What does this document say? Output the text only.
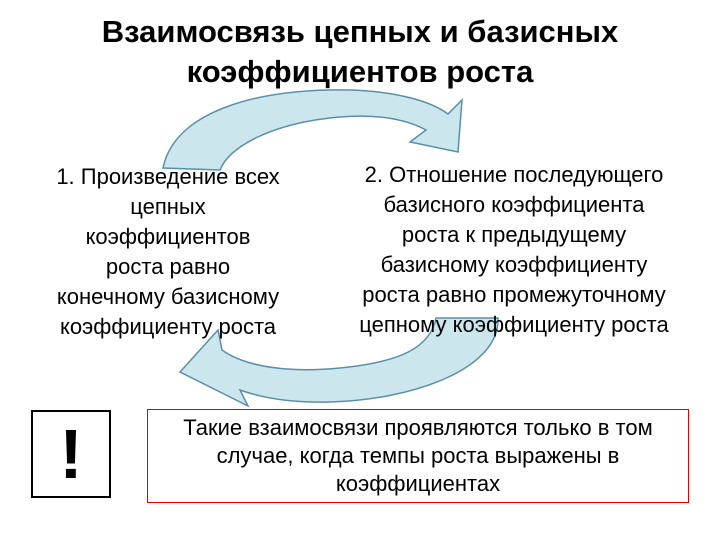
Взаимосвязь цепных и базисных
коэффициентов роста
1. Произведение всех
цепных
коэффициентов
роста равно
конечному базисному
коэффициенту роста
2. Отношение последующего
базисного коэффициента
роста к предыдущему
базисному коэффициенту
роста равно промежуточному
цепному коэффициенту роста
!	Такие взаимосвязи проявляются только в том
случае, когда темпы роста выражены в
коэффициентах
